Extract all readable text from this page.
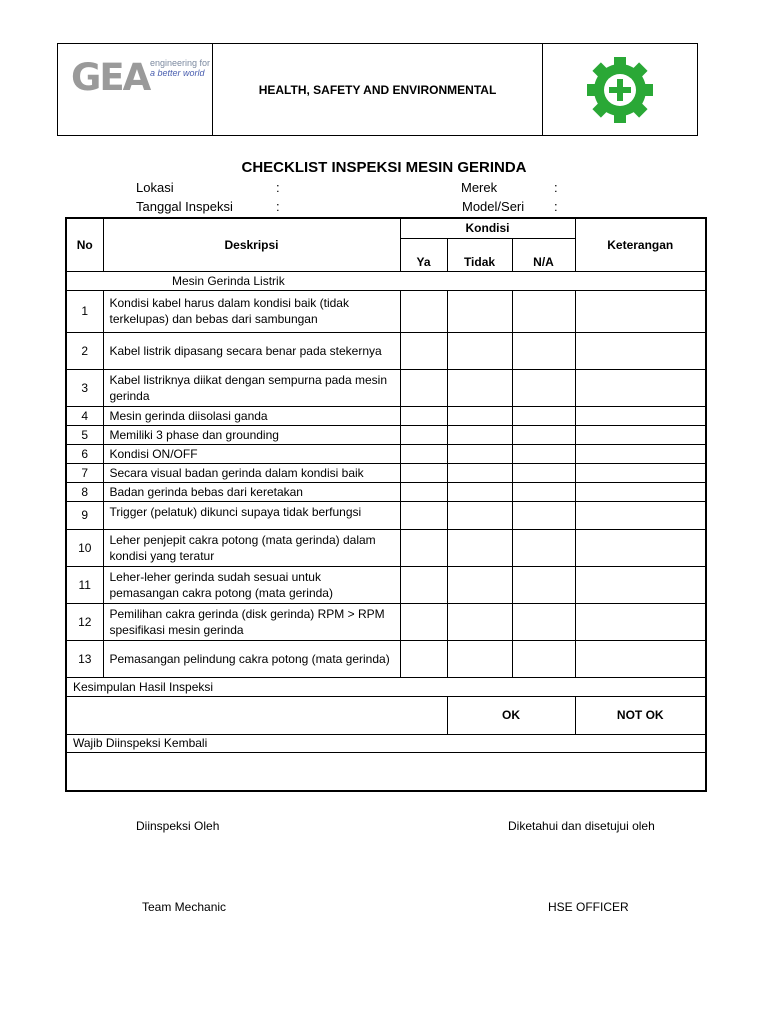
GEA engineering for
a better world
HEALTH, SAFETY AND ENVIRONMENTAL
CHECKLIST INSPEKSI MESIN GERINDA
Lokasi	:
Tanggal Inspeksi	:
Merek	:
Model/Seri :
No	Deskripsi	Kondisi			Keterangan
		Ya	Tidak	N/A	
Mesin Gerinda Listrik					
1	Kondisi kabel harus dalam kondisi baik (tidak terkelupas) dan bebas dari sambungan				
2	Kabel listrik dipasang secara benar pada stekernya				
3	Kabel listriknya diikat dengan sempurna pada mesin gerinda				
4	Mesin gerinda diisolasi ganda				
5	Memiliki 3 phase dan grounding				
6	Kondisi ON/OFF				
7	Secara visual badan gerinda dalam kondisi baik				
8	Badan gerinda bebas dari keretakan				
9	Trigger (pelatuk) dikunci supaya tidak berfungsi				
10	Leher penjepit cakra potong (mata gerinda) dalam kondisi yang teratur				
11	Leher-leher gerinda sudah sesuai untuk pemasangan cakra potong (mata gerinda)				
12	Pemilihan cakra gerinda (disk gerinda) RPM > RPM spesifikasi mesin gerinda				
13	Pemasangan pelindung cakra potong (mata gerinda)				
Kesimpulan Hasil Inspeksi					
			OK		NOT OK
Wajib Diinspeksi Kembali					

Diinspeksi Oleh	Diketahui dan disetujui oleh
Team Mechanic	HSE OFFICER
